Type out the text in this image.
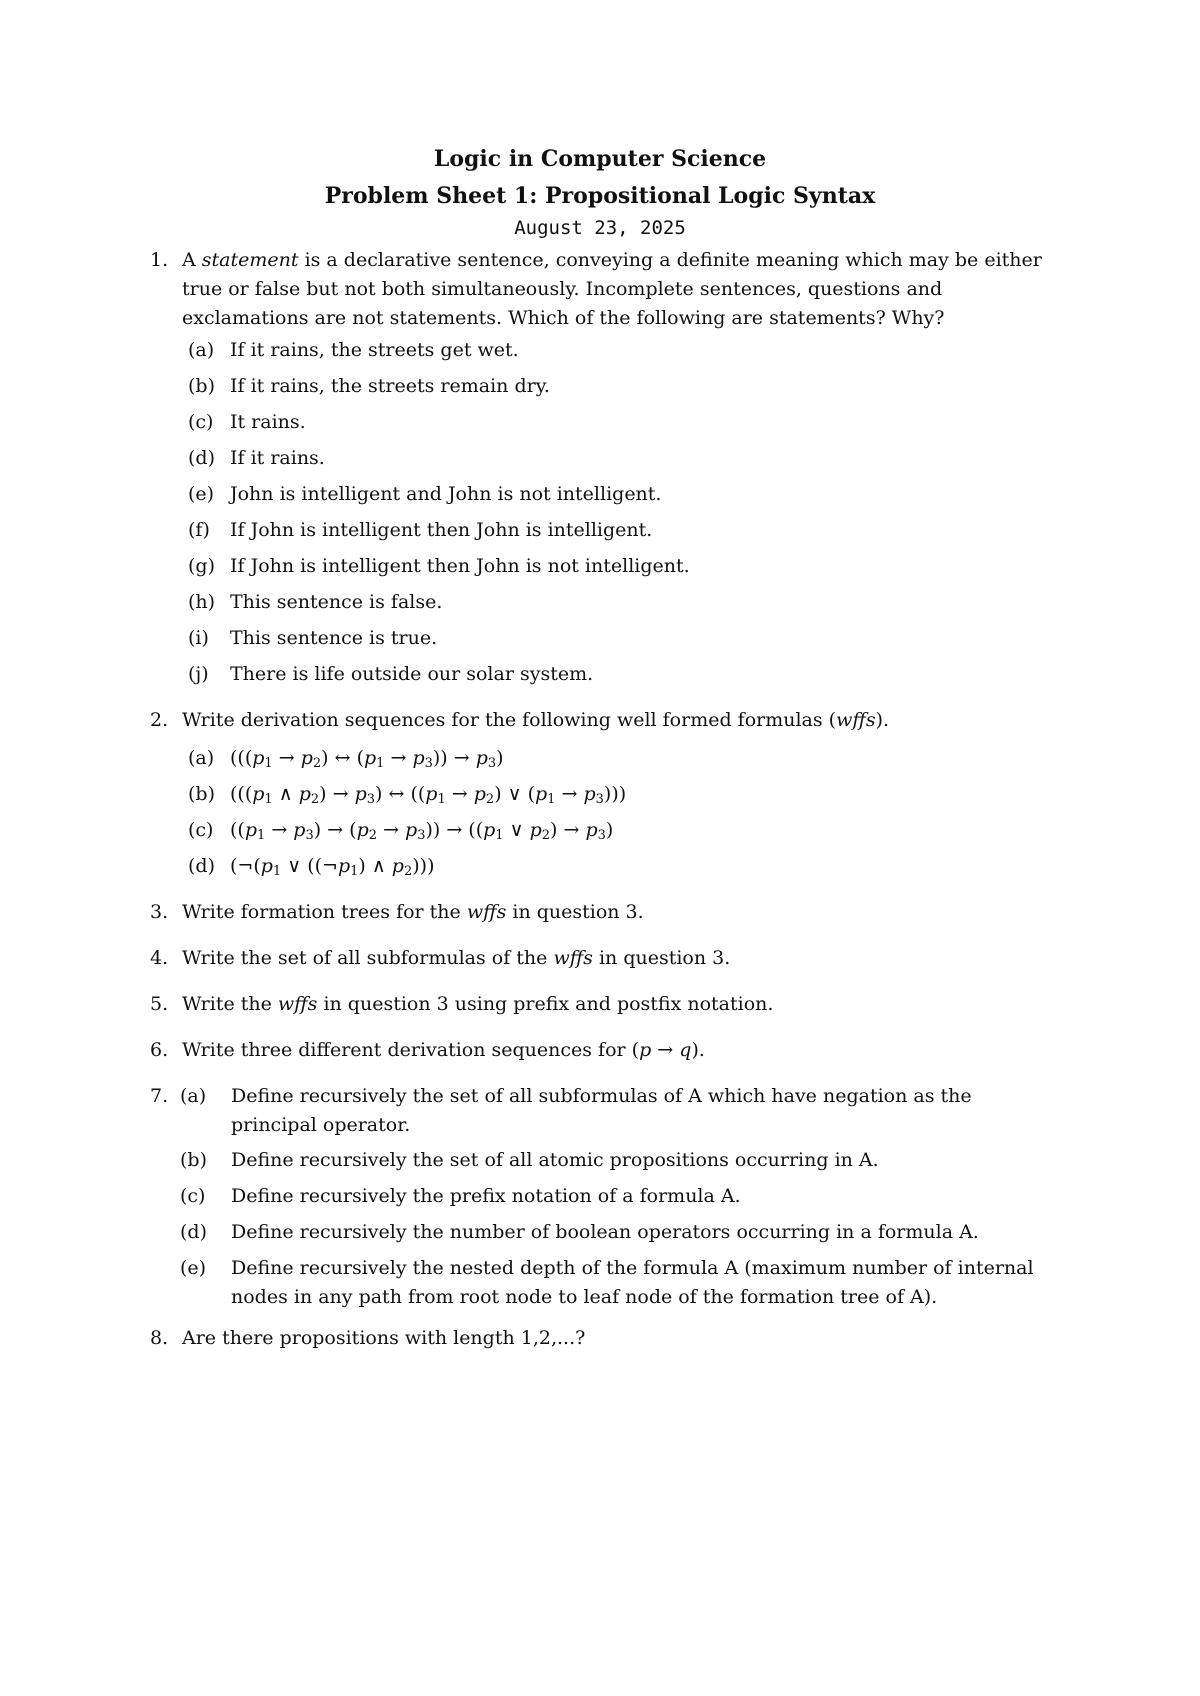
Logic in Computer Science
Problem Sheet 1: Propositional Logic Syntax
August 23, 2025
1. A statement is a declarative sentence, conveying a definite meaning which may be either true or false but not both simultaneously. Incomplete sentences, questions and exclamations are not statements. Which of the following are statements? Why?
(a) If it rains, the streets get wet.
(b) If it rains, the streets remain dry.
(c) It rains.
(d) If it rains.
(e) John is intelligent and John is not intelligent.
(f)	If John is intelligent then John is intelligent.
(g) If John is intelligent then John is not intelligent.
(h) This sentence is false.
(i)	This sentence is true.
(j)	There is life outside our solar system.
2. Write derivation sequences for the following well formed formulas (wffs).
(a) (($(p_1 \to p_2)$ ↔ $(p_1 \to p_3)) \to p_3$)
(b) ((($p_1$ ∧ $p_2) \to p_3$) ↔ ($(p_1 \to p_2)$ ∨ $(p_1 \to p_3)$))
(c) $((p_1 \to p_3) \to (p_2 \to p_3)) \to ((p_1$ ∨ $p_2) \to p_3$)
(d) ($\neg(p_1$ ∨ ($(\neg p_1)$ ∧ $p_2$)))
3. Write formation trees for the wffs in question 3.
4. Write the set of all subformulas of the wffs in question 3.
5. Write the wffs in question 3 using prefix and postfix notation.
6. Write three different derivation sequences for (p → q).
7. (a)	Define recursively the set of all subformulas of A which have negation as the principal operator.
(b)	Define recursively the set of all atomic propositions occurring in A.
(c)	Define recursively the prefix notation of a formula A.
(d)	Define recursively the number of boolean operators occurring in a formula A.
(e)	Define recursively the nested depth of the formula A (maximum number of internal nodes in any path from root node to leaf node of the formation tree of A).
8. Are there propositions with length 1,2,...?
